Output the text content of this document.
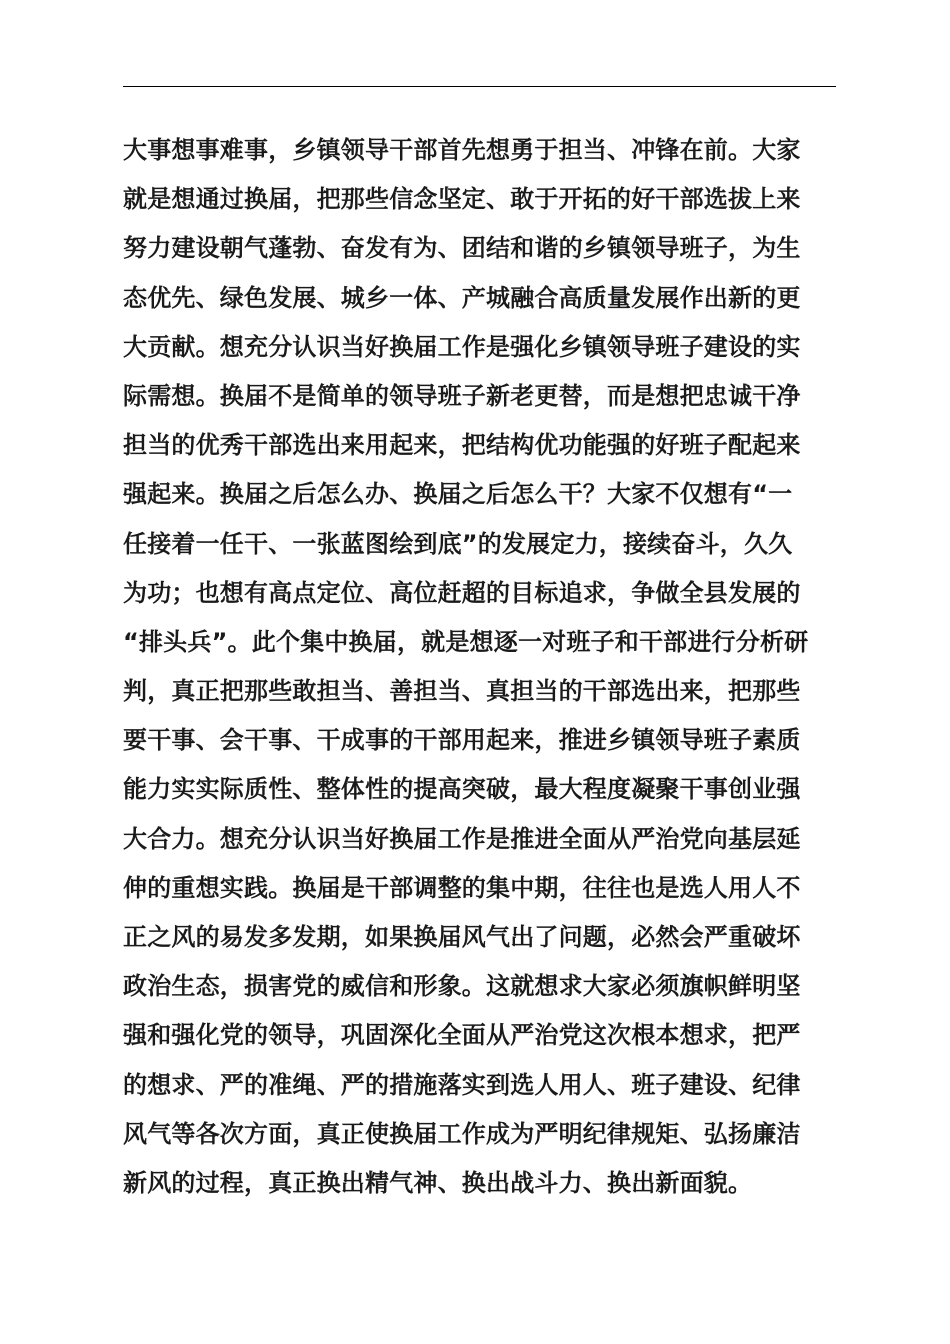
大事想事难事，乡镇领导干部首先想勇于担当、冲锋在前。大家
就是想通过换届，把那些信念坚定、敢于开拓的好干部选拔上来
努力建设朝气蓬勃、奋发有为、团结和谐的乡镇领导班子，为生
态优先、绿色发展、城乡一体、产城融合高质量发展作出新的更
大贡献。想充分认识当好换届工作是强化乡镇领导班子建设的实
际需想。换届不是简单的领导班子新老更替，而是想把忠诚干净
担当的优秀干部选出来用起来，把结构优功能强的好班子配起来
强起来。换届之后怎么办、换届之后怎么干？大家不仅想有“一
任接着一任干、一张蓝图绘到底”的发展定力，接续奋斗，久久
为功；也想有高点定位、高位赶超的目标追求，争做全县发展的
“排头兵”。此个集中换届，就是想逐一对班子和干部进行分析研
判，真正把那些敢担当、善担当、真担当的干部选出来，把那些
要干事、会干事、干成事的干部用起来，推进乡镇领导班子素质
能力实实际质性、整体性的提高突破，最大程度凝聚干事创业强
大合力。想充分认识当好换届工作是推进全面从严治党向基层延
伸的重想实践。换届是干部调整的集中期，往往也是选人用人不
正之风的易发多发期，如果换届风气出了问题，必然会严重破坏
政治生态，损害党的威信和形象。这就想求大家必须旗帜鲜明坚
强和强化党的领导，巩固深化全面从严治党这次根本想求，把严
的想求、严的准绳、严的措施落实到选人用人、班子建设、纪律
风气等各次方面，真正使换届工作成为严明纪律规矩、弘扬廉洁
新风的过程，真正换出精气神、换出战斗力、换出新面貌。
